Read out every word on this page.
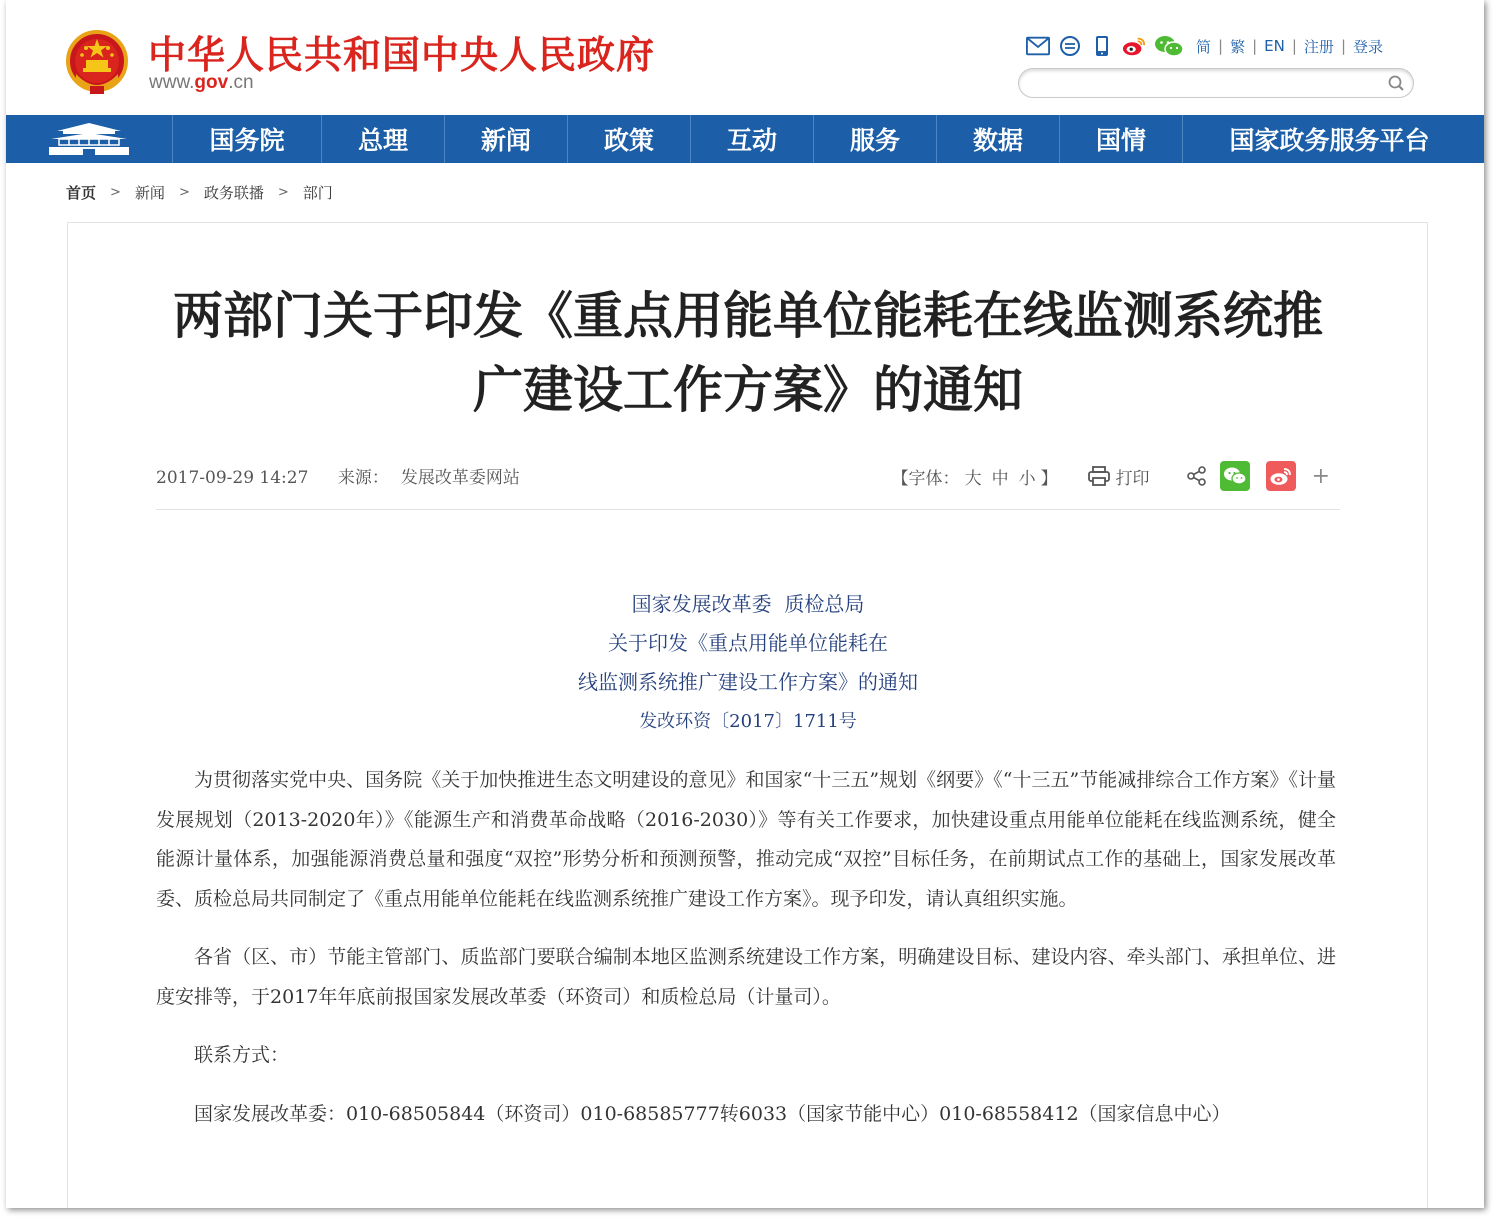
中华人民共和国中央人民政府
www.gov.cn
简 | 繁 | EN | 注册 | 登录
国务院	总理	新闻	政策	互动	服务	数据	国情	国家政务服务平台
首页 > 新闻 > 政务联播 > 部门
两部门关于印发《重点用能单位能耗在线监测系统推
广建设工作方案》的通知
2017-09-29 14:27 来源： 发展改革委网站	【字体： 大 中 小 】	打印	+
国家发展改革委  质检总局
关于印发《重点用能单位能耗在
线监测系统推广建设工作方案》的通知
发改环资〔2017〕1711号

为贯彻落实党中央、国务院《关于加快推进生态文明建设的意见》和国家“十三五”规划《纲要》《“十三五”节能减排综合工作方案》《计量发展规划（2013-2020年）》《能源生产和消费革命战略（2016-2030）》等有关工作要求，加快建设重点用能单位能耗在线监测系统，健全能源计量体系，加强能源消费总量和强度“双控”形势分析和预测预警，推动完成“双控”目标任务，在前期试点工作的基础上，国家发展改革委、质检总局共同制定了《重点用能单位能耗在线监测系统推广建设工作方案》。现予印发，请认真组织实施。

各省（区、市）节能主管部门、质监部门要联合编制本地区监测系统建设工作方案，明确建设目标、建设内容、牵头部门、承担单位、进度安排等，于2017年年底前报国家发展改革委（环资司）和质检总局（计量司）。

联系方式：

国家发展改革委：010-68505844（环资司）010-68585777转6033（国家节能中心）010-68558412（国家信息中心）
